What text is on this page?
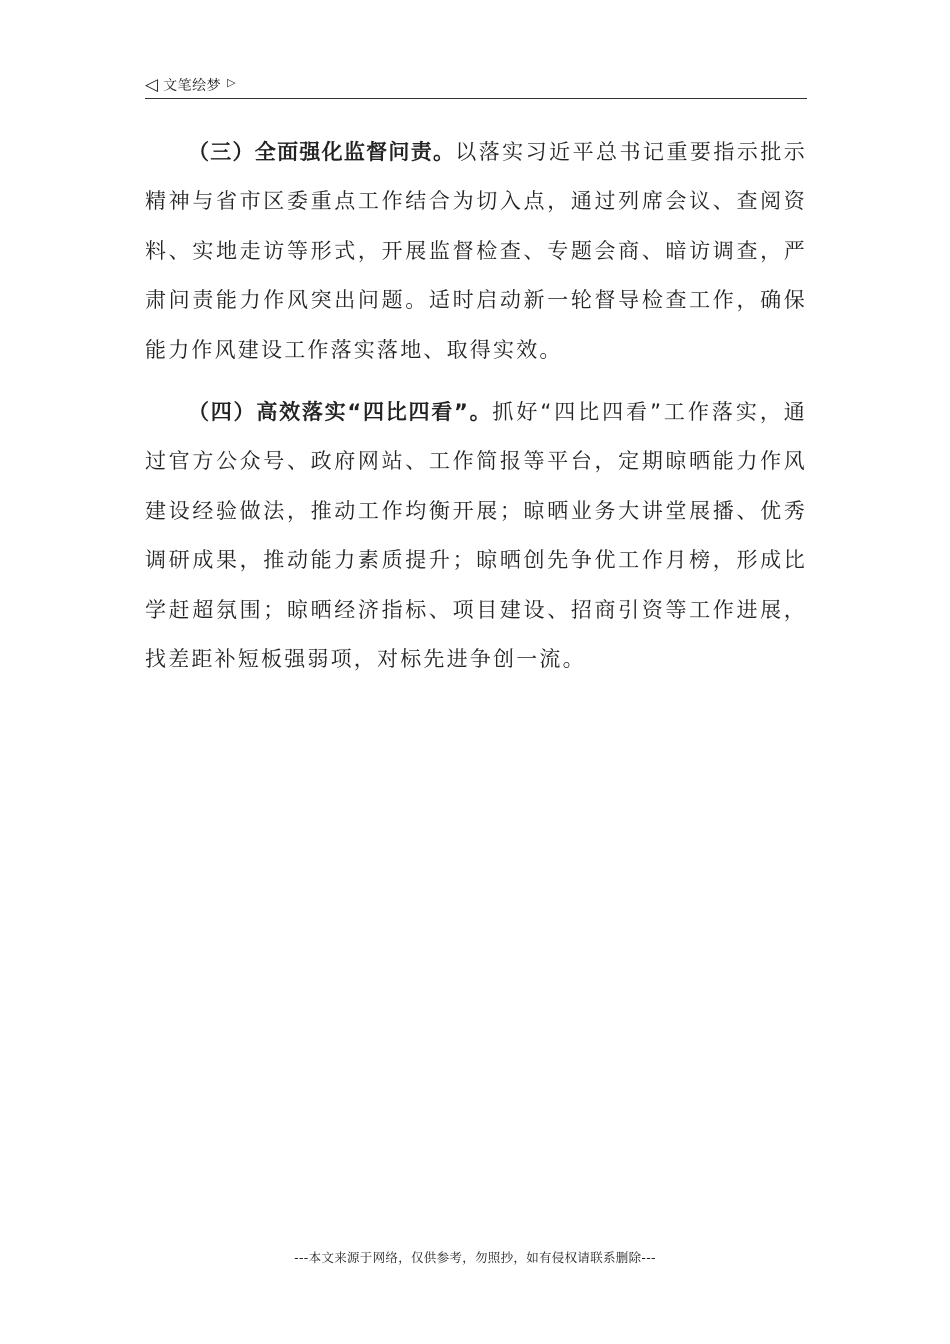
◁ 文笔绘梦 ▷

（三）全面强化监督问责。以落实习近平总书记重要指示批示精神与省市区委重点工作结合为切入点，通过列席会议、查阅资料、实地走访等形式，开展监督检查、专题会商、暗访调查，严肃问责能力作风突出问题。适时启动新一轮督导检查工作，确保能力作风建设工作落实落地、取得实效。

（四）高效落实“四比四看”。抓好“四比四看”工作落实，通过官方公众号、政府网站、工作简报等平台，定期晾晒能力作风建设经验做法，推动工作均衡开展；晾晒业务大讲堂展播、优秀调研成果，推动能力素质提升；晾晒创先争优工作月榜，形成比学赶超氛围；晾晒经济指标、项目建设、招商引资等工作进展，找差距补短板强弱项，对标先进争创一流。

---本文来源于网络，仅供参考，勿照抄，如有侵权请联系删除---
